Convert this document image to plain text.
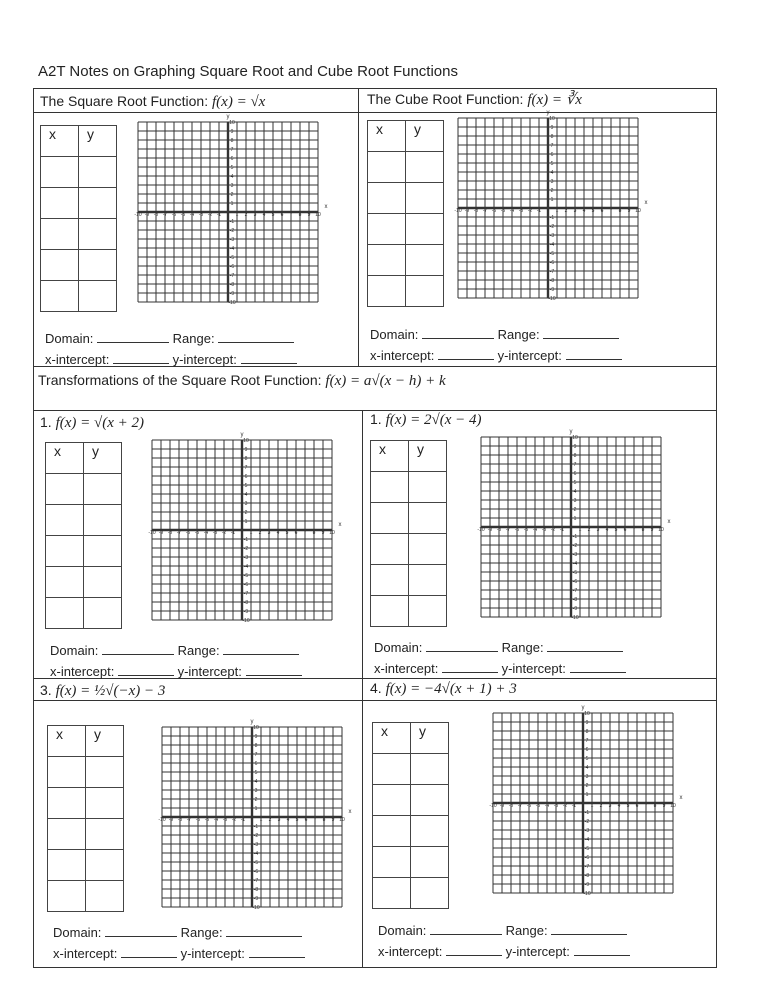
A2T Notes on Graphing Square Root and Cube Root Functions
The Square Root Function: f(x) = √x	The Cube Root Function: f(x) = ∛x
Transformations of the Square Root Function: f(x) = a√(x − h) + k
1. f(x) = √(x + 2)	1. f(x) = 2√(x − 4)
3. f(x) = ½√(−x) − 3	4. f(x) = −4√(x + 1) + 3
x	y

-10 -9 -8 -7 -6 -5 -4 -3 -2 -1	1 2 3 4 5 6 7 8 9 10
10
9
8
7
6
5
4
3
2
1
-1
-2
-3
-4
-5
-6
-7
-8
-9
-10
x
y
Domain:	Range:
x-intercept:	y-intercept:
x	y

-10 -9 -8 -7 -6 -5 -4 -3 -2 -1	1 2 3 4 5 6 7 8 9 10
10
9
8
7
6
5
4
3
2
1
-1
-2
-3
-4
-5
-6
-7
-8
-9
-10
x
y
Domain:	Range:
x-intercept:	y-intercept:
x	y

-10 -9 -8 -7 -6 -5 -4 -3 -2 -1	1 2 3 4 5 6 7 8 9 10
10
9
8
7
6
5
4
3
2
1
-1
-2
-3
-4
-5
-6
-7
-8
-9
-10
x
y
Domain:	Range:
x-intercept:	y-intercept:
x	y

-10 -9 -8 -7 -6 -5 -4 -3 -2 -1	1 2 3 4 5 6 7 8 9 10
10
9
8
7
6
5
4
3
2
1
-1
-2
-3
-4
-5
-6
-7
-8
-9
-10
x
y
Domain:	Range:
x-intercept:	y-intercept:
x	y

-10 -9 -8 -7 -6 -5 -4 -3 -2 -1	1 2 3 4 5 6 7 8 9 10
10
9
8
7
6
5
4
3
2
1
-1
-2
-3
-4
-5
-6
-7
-8
-9
-10
x
y
Domain:	Range:
x-intercept:	y-intercept:
x	y

-10 -9 -8 -7 -6 -5 -4 -3 -2 -1	1 2 3 4 5 6 7 8 9 10
10
9
8
7
6
5
4
3
2
1
-1
-2
-3
-4
-5
-6
-7
-8
-9
-10
x
y
Domain:	Range:
x-intercept:	y-intercept:
